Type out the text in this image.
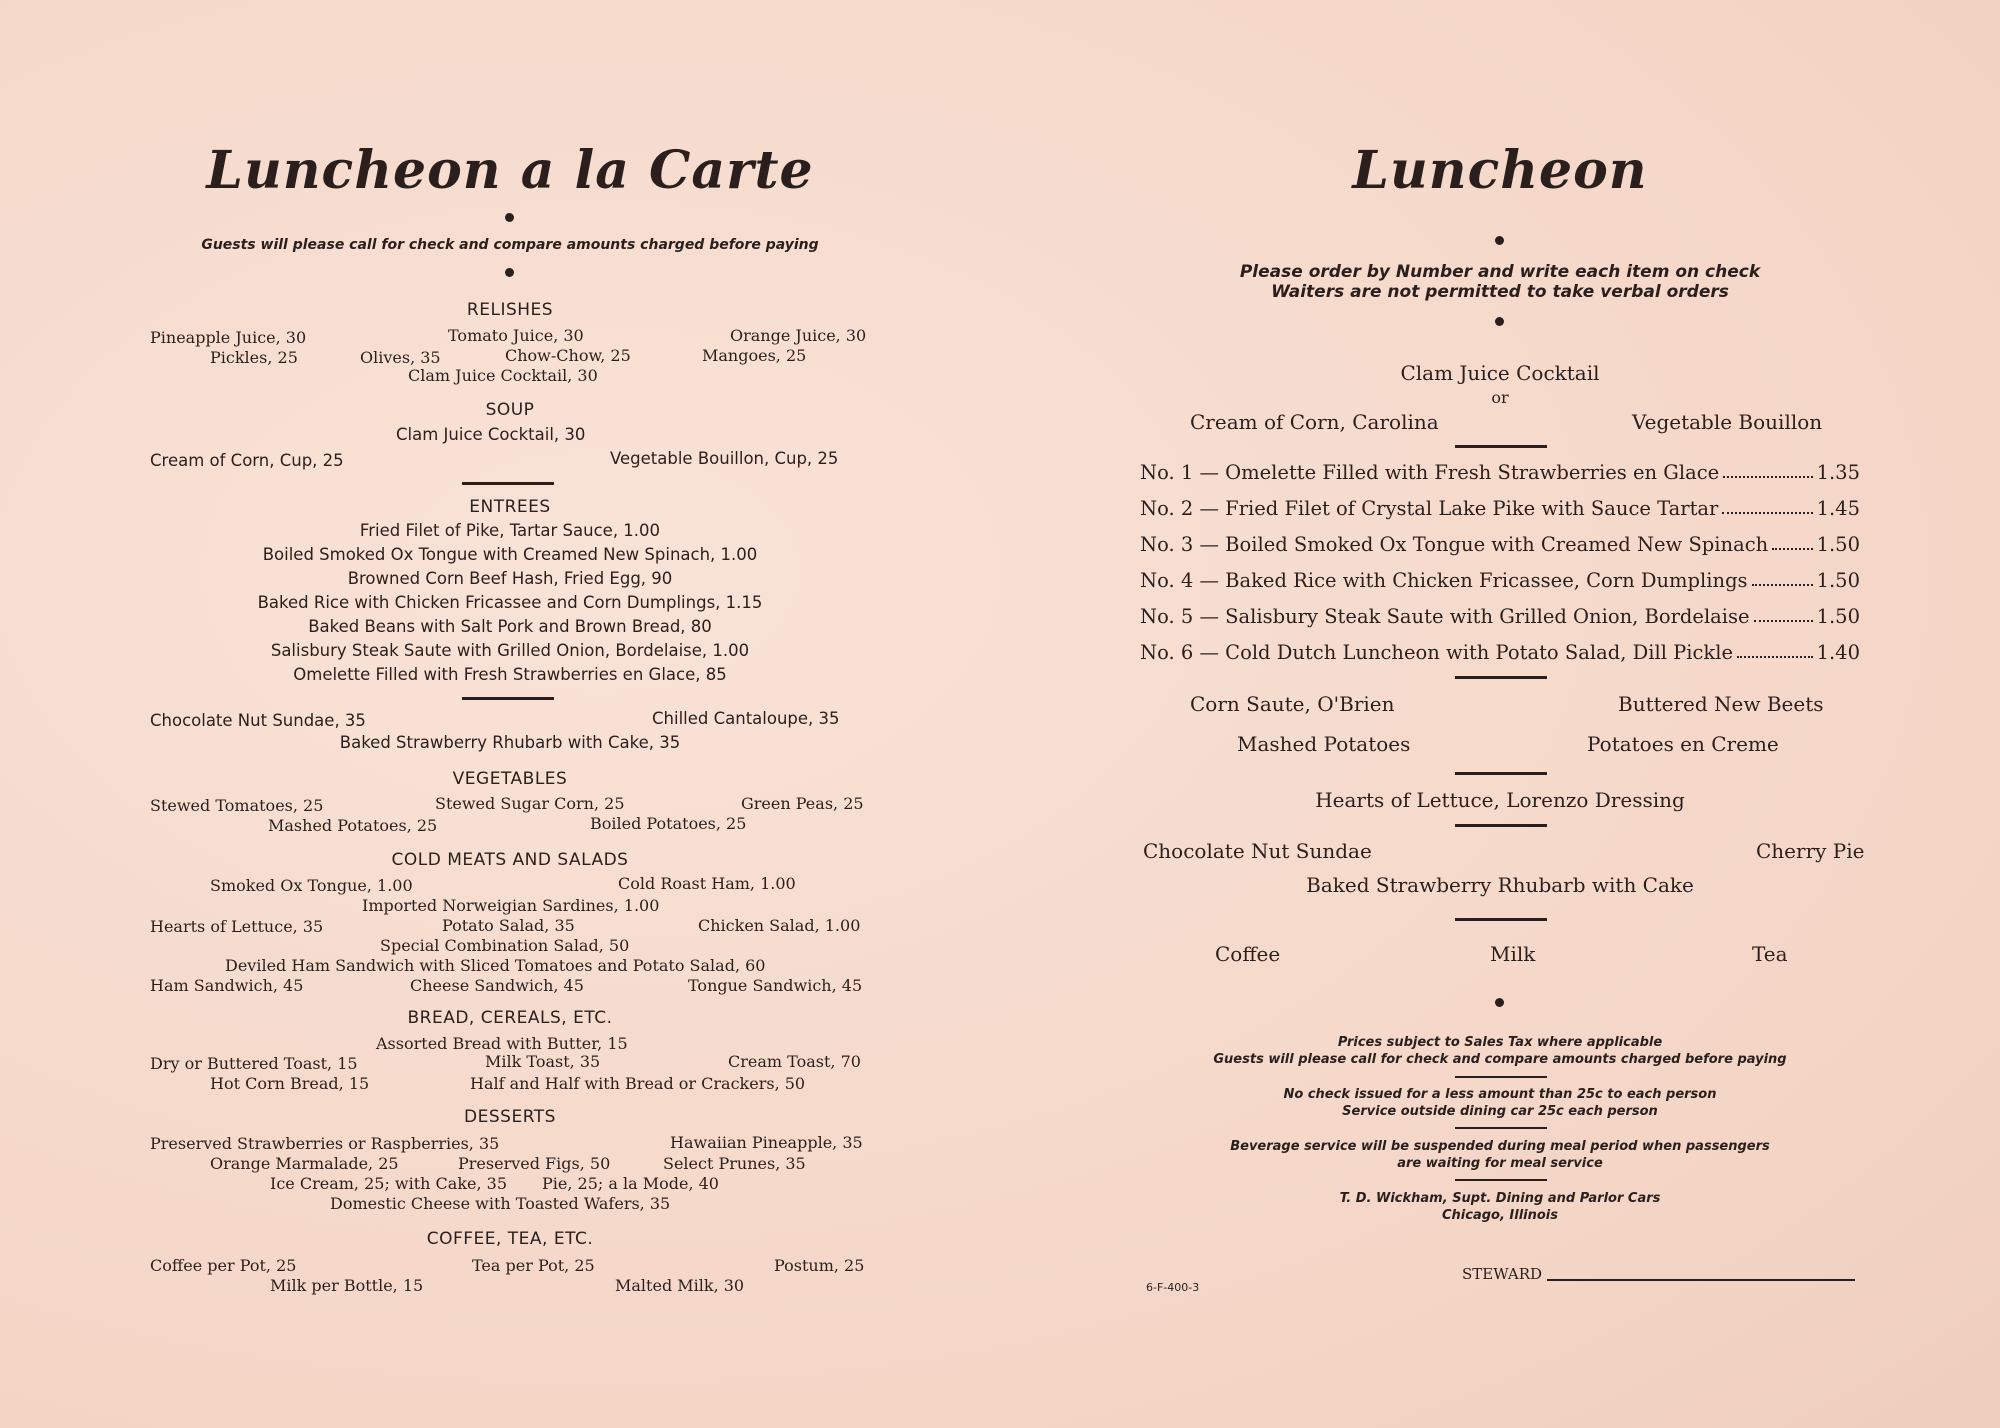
Luncheon a la Carte
Guests will please call for check and compare amounts charged before paying
RELISHES
Pineapple Juice, 30	Tomato Juice, 30	Orange Juice, 30
Pickles, 25	Olives, 35	Chow-Chow, 25	Mangoes, 25
Clam Juice Cocktail, 30
SOUP
Clam Juice Cocktail, 30
Cream of Corn, Cup, 25	Vegetable Bouillon, Cup, 25
ENTREES
Fried Filet of Pike, Tartar Sauce, 1.00
Boiled Smoked Ox Tongue with Creamed New Spinach, 1.00
Browned Corn Beef Hash, Fried Egg, 90
Baked Rice with Chicken Fricassee and Corn Dumplings, 1.15
Baked Beans with Salt Pork and Brown Bread, 80
Salisbury Steak Saute with Grilled Onion, Bordelaise, 1.00
Omelette Filled with Fresh Strawberries en Glace, 85
Chocolate Nut Sundae, 35	Chilled Cantaloupe, 35
Baked Strawberry Rhubarb with Cake, 35
VEGETABLES
Stewed Tomatoes, 25	Stewed Sugar Corn, 25	Green Peas, 25
Mashed Potatoes, 25	Boiled Potatoes, 25
COLD MEATS AND SALADS
Smoked Ox Tongue, 1.00	Cold Roast Ham, 1.00
Imported Norweigian Sardines, 1.00
Hearts of Lettuce, 35	Potato Salad, 35	Chicken Salad, 1.00
Special Combination Salad, 50
Deviled Ham Sandwich with Sliced Tomatoes and Potato Salad, 60
Ham Sandwich, 45	Cheese Sandwich, 45	Tongue Sandwich, 45
BREAD, CEREALS, ETC.
Assorted Bread with Butter, 15
Dry or Buttered Toast, 15	Milk Toast, 35	Cream Toast, 70
Hot Corn Bread, 15	Half and Half with Bread or Crackers, 50
DESSERTS
Preserved Strawberries or Raspberries, 35	Hawaiian Pineapple, 35
Orange Marmalade, 25	Preserved Figs, 50	Select Prunes, 35
Ice Cream, 25; with Cake, 35 Pie, 25; a la Mode, 40
Domestic Cheese with Toasted Wafers, 35
COFFEE, TEA, ETC.
Coffee per Pot, 25	Tea per Pot, 25	Postum, 25
Milk per Bottle, 15	Malted Milk, 30
Luncheon
Please order by Number and write each item on check
Waiters are not permitted to take verbal orders
Clam Juice Cocktail
or
Cream of Corn, Carolina	Vegetable Bouillon
No. 1 — Omelette Filled with Fresh Strawberries en Glace	1.35
No. 2 — Fried Filet of Crystal Lake Pike with Sauce Tartar	1.45
No. 3 — Boiled Smoked Ox Tongue with Creamed New Spinach 1.50
No. 4 — Baked Rice with Chicken Fricassee, Corn Dumplings	1.50
No. 5 — Salisbury Steak Saute with Grilled Onion, Bordelaise	1.50
No. 6 — Cold Dutch Luncheon with Potato Salad, Dill Pickle	1.40
Corn Saute, O'Brien	Buttered New Beets
Mashed Potatoes	Potatoes en Creme
Hearts of Lettuce, Lorenzo Dressing
Chocolate Nut Sundae	Cherry Pie
Baked Strawberry Rhubarb with Cake
Coffee	Milk	Tea
Prices subject to Sales Tax where applicable
Guests will please call for check and compare amounts charged before paying
No check issued for a less amount than 25c to each person
Service outside dining car 25c each person
Beverage service will be suspended during meal period when passengers
are waiting for meal service
T. D. Wickham, Supt. Dining and Parlor Cars
Chicago, Illinois
6-F-400-3
STEWARD
